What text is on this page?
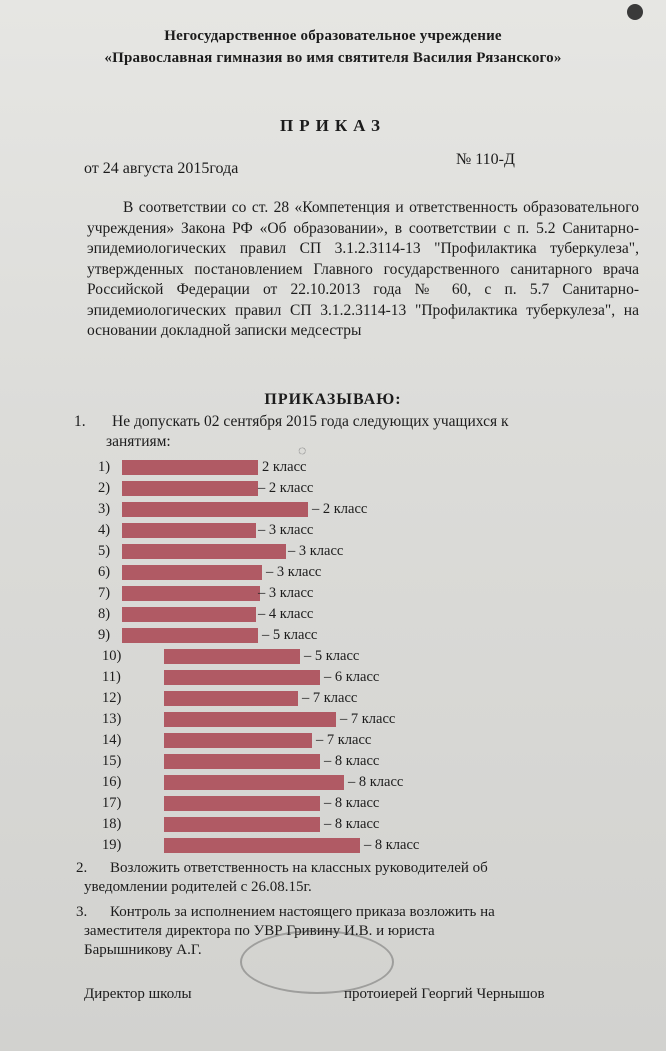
Негосударственное образовательное учреждение
«Православная гимназия во имя святителя Василия Рязанского»
ПРИКАЗ
от 24 августа 2015года
№ 110-Д
В соответствии со ст. 28 «Компетенция и ответственность образовательного учреждения» Закона РФ «Об образовании», в соответствии с п. 5.2 Санитарно-эпидемиологических правил СП 3.1.2.3114-13 "Профилактика туберкулеза", утвержденных постановлением Главного государственного санитарного врача Российской Федерации от 22.10.2013 года № 60, с п. 5.7 Санитарно-эпидемиологических правил СП 3.1.2.3114-13 "Профилактика туберкулеза", на основании докладной записки медсестры
ПРИКАЗЫВАЮ:
1. Не допускать 02 сентября 2015 года следующих учащихся к
занятиям:
◌
1)	2 класс
2)	– 2 класс
3)	– 2 класс
4)	– 3 класс
5)	– 3 класс
6)	– 3 класс
7)	– 3 класс
8)	– 4 класс
9)	– 5 класс
10)	– 5 класс
11)	– 6 класс
12)	– 7 класс
13)	– 7 класс
14)	– 7 класс
15)	– 8 класс
16)	– 8 класс
17)	– 8 класс
18)	– 8 класс
19)	– 8 класс
2. Возложить ответственность на классных руководителей об
уведомлении родителей с 26.08.15г.
3. Контроль за исполнением настоящего приказа возложить на
заместителя директора по УВР Гривину И.В. и юриста
Барышникову А.Г.
Директор школы	протоиерей Георгий Чернышов
